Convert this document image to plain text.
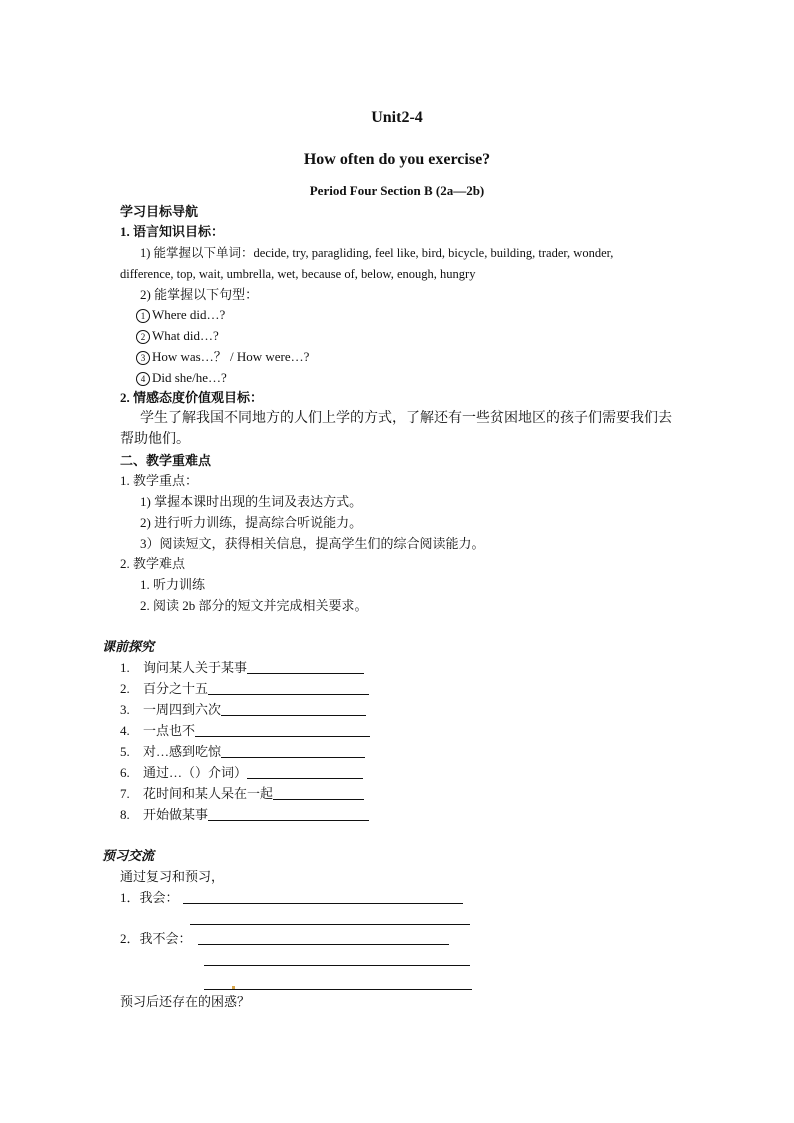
Unit2-4
How often do you exercise?
Period Four Section B (2a—2b)
学习目标导航
1. 语言知识目标：
1) 能掌握以下单词：decide, try, paragliding, feel like, bird, bicycle, building, trader, wonder,
difference, top, wait, umbrella, wet, because of, below, enough, hungry
2) 能掌握以下句型：
1 Where did…?
2 What did…?
3 How was…？ / How were…?
4 Did she/he…?
2. 情感态度价值观目标：
学生了解我国不同地方的人们上学的方式，了解还有一些贫困地区的孩子们需要我们去
帮助他们。
二、教学重难点
1. 教学重点：
1) 掌握本课时出现的生词及表达方式。
2) 进行听力训练，提高综合听说能力。
3）阅读短文，获得相关信息，提高学生们的综合阅读能力。
2. 教学难点
1. 听力训练
2. 阅读 2b 部分的短文并完成相关要求。
课前探究
1. 询问某人关于某事
2. 百分之十五
3. 一周四到六次
4. 一点也不
5. 对…感到吃惊
6. 通过…（）介词）
7. 花时间和某人呆在一起
8. 开始做某事
预习交流
通过复习和预习，
1．我会：
2．我不会：
预习后还存在的困惑？
